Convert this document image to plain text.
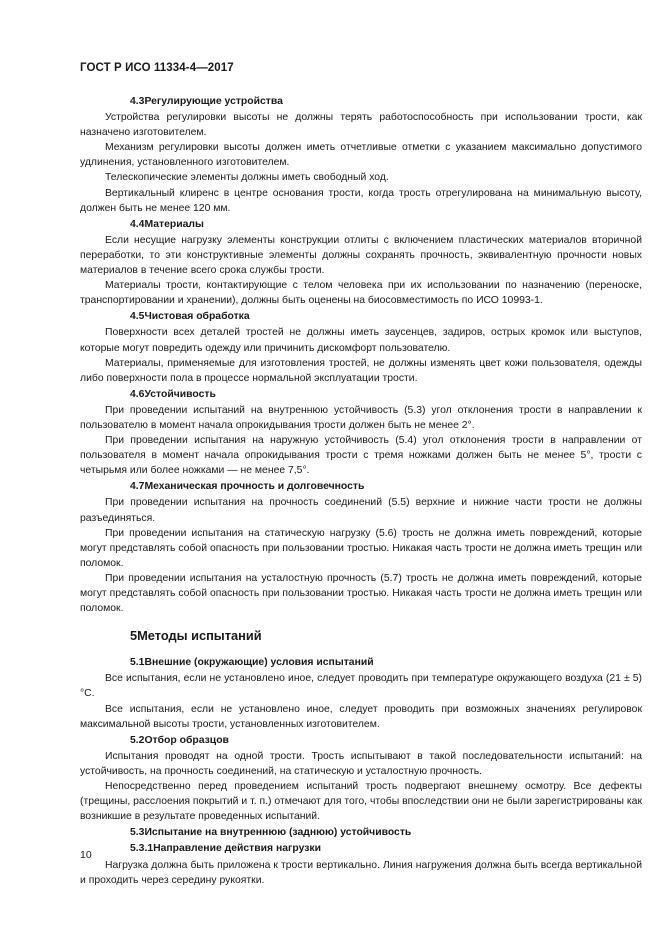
ГОСТ Р ИСО 11334-4—2017

4.3Регулирующие устройства

Устройства регулировки высоты не должны терять работоспособность при использовании трости, как назначено изготовителем.

Механизм регулировки высоты должен иметь отчетливые отметки с указанием максимально допустимого удлинения, установленного изготовителем.

Телескопические элементы должны иметь свободный ход.

Вертикальный клиренс в центре основания трости, когда трость отрегулирована на минимальную высоту, должен быть не менее 120 мм.

4.4Материалы

Если несущие нагрузку элементы конструкции отлиты с включением пластических материалов вторичной переработки, то эти конструктивные элементы должны сохранять прочность, эквивалентную прочности новых материалов в течение всего срока службы трости.

Материалы трости, контактирующие с телом человека при их использовании по назначению (переноске, транспортировании и хранении), должны быть оценены на биосовместимость по ИСО 10993-1.

4.5Чистовая обработка

Поверхности всех деталей тростей не должны иметь заусенцев, задиров, острых кромок или выступов, которые могут повредить одежду или причинить дискомфорт пользователю.

Материалы, применяемые для изготовления тростей, не должны изменять цвет кожи пользователя, одежды либо поверхности пола в процессе нормальной эксплуатации трости.

4.6Устойчивость

При проведении испытаний на внутреннюю устойчивость (5.3) угол отклонения трости в направлении к пользователю в момент начала опрокидывания трости должен быть не менее 2°.

При проведении испытания на наружную устойчивость (5.4) угол отклонения трости в направлении от пользователя в момент начала опрокидывания трости с тремя ножками должен быть не менее 5°, трости с четырьмя или более ножками — не менее 7,5°.

4.7Механическая прочность и долговечность

При проведении испытания на прочность соединений (5.5) верхние и нижние части трости не должны разъединяться.

При проведении испытания на статическую нагрузку (5.6) трость не должна иметь повреждений, которые могут представлять собой опасность при пользовании тростью. Никакая часть трости не должна иметь трещин или поломок.

При проведении испытания на усталостную прочность (5.7) трость не должна иметь повреждений, которые могут представлять собой опасность при пользовании тростью. Никакая часть трости не должна иметь трещин или поломок.

5Методы испытаний

5.1Внешние (окружающие) условия испытаний

Все испытания, если не установлено иное, следует проводить при температуре окружающего воздуха (21 ± 5) °С.

Все испытания, если не установлено иное, следует проводить при возможных значениях регулировок максимальной высоты трости, установленных изготовителем.

5.2Отбор образцов

Испытания проводят на одной трости. Трость испытывают в такой последовательности испытаний: на устойчивость, на прочность соединений, на статическую и усталостную прочность.

Непосредственно перед проведением испытаний трость подвергают внешнему осмотру. Все дефекты (трещины, расслоения покрытий и т. п.) отмечают для того, чтобы впоследствии они не были зарегистрированы как возникшие в результате проведенных испытаний.

5.3Испытание на внутреннюю (заднюю) устойчивость

5.3.1Направление действия нагрузки

Нагрузка должна быть приложена к трости вертикально. Линия нагружения должна быть всегда вертикальной и проходить через середину рукоятки.

10
